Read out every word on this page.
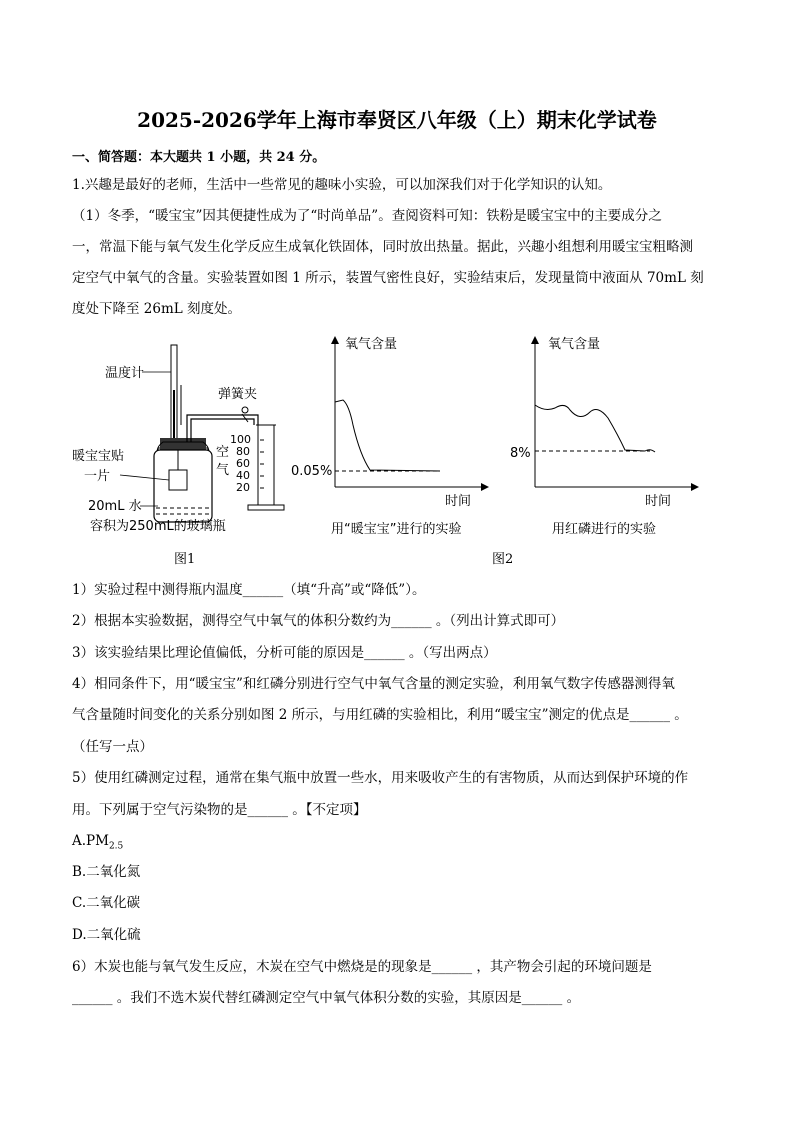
2025-2026学年上海市奉贤区八年级（上）期末化学试卷
一、简答题：本大题共 1 小题，共 24 分。
1.兴趣是最好的老师，生活中一些常见的趣味小实验，可以加深我们对于化学知识的认知。
（1）冬季，“暖宝宝”因其便捷性成为了“时尚单品”。查阅资料可知：铁粉是暖宝宝中的主要成分之
一，常温下能与氧气发生化学反应生成氧化铁固体，同时放出热量。据此，兴趣小组想利用暖宝宝粗略测
定空气中氧气的含量。实验装置如图 1 所示，装置气密性良好，实验结束后，发现量筒中液面从 70mL 刻
度处下降至 26mL 刻度处。
温度计
暖宝宝贴
一片
20mL 水
容积为250mL的玻璃瓶
弹簧夹
100
80
60
40
20
空
气
图1
氧气含量
时间
0.05%
用“暖宝宝”进行的实验
氧气含量
时间
8%
用红磷进行的实验
图2
1）实验过程中测得瓶内温度______（填“升高”或“降低”）。
2）根据本实验数据，测得空气中氧气的体积分数约为______ 。（列出计算式即可）
3）该实验结果比理论值偏低，分析可能的原因是______ 。（写出两点）
4）相同条件下，用“暖宝宝”和红磷分别进行空气中氧气含量的测定实验，利用氧气数字传感器测得氧
气含量随时间变化的关系分别如图 2 所示，与用红磷的实验相比，利用“暖宝宝”测定的优点是______ 。
（任写一点）
5）使用红磷测定过程，通常在集气瓶中放置一些水，用来吸收产生的有害物质，从而达到保护环境的作
用。下列属于空气污染物的是______ 。【不定项】
$A.PM_{2.5}$
B.二氧化氮
C.二氧化碳
D.二氧化硫
6）木炭也能与氧气发生反应，木炭在空气中燃烧是的现象是______ ，其产物会引起的环境问题是
______ 。我们不选木炭代替红磷测定空气中氧气体积分数的实验，其原因是______ 。
